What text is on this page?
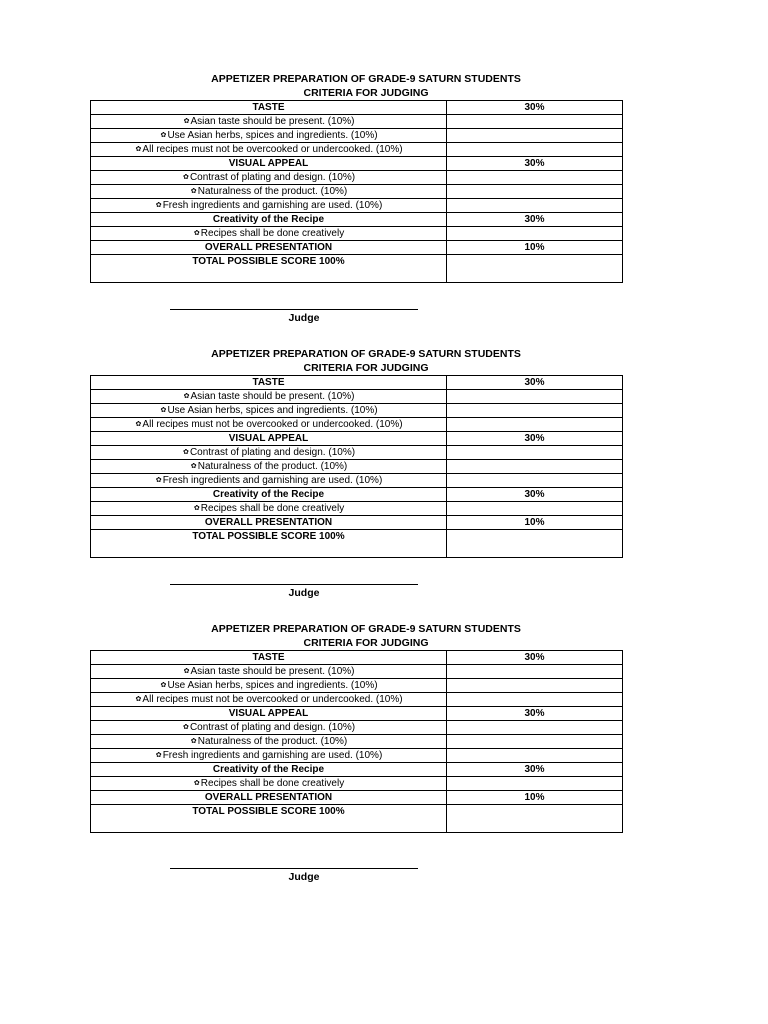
APPETIZER PREPARATION OF GRADE-9 SATURN STUDENTS
CRITERIA FOR JUDGING
TASTE	30%
✿Asian taste should be present. (10%)	
✿Use Asian herbs, spices and ingredients. (10%)	
✿All recipes must not be overcooked or undercooked. (10%)	
VISUAL APPEAL	30%
✿Contrast of plating and design. (10%)	
✿Naturalness of the product. (10%)	
✿Fresh ingredients and garnishing are used. (10%)	
Creativity of the Recipe	30%
✿Recipes shall be done creatively	
OVERALL PRESENTATION	10%
TOTAL POSSIBLE SCORE 100%	
Judge
APPETIZER PREPARATION OF GRADE-9 SATURN STUDENTS
CRITERIA FOR JUDGING
TASTE	30%
✿Asian taste should be present. (10%)	
✿Use Asian herbs, spices and ingredients. (10%)	
✿All recipes must not be overcooked or undercooked. (10%)	
VISUAL APPEAL	30%
✿Contrast of plating and design. (10%)	
✿Naturalness of the product. (10%)	
✿Fresh ingredients and garnishing are used. (10%)	
Creativity of the Recipe	30%
✿Recipes shall be done creatively	
OVERALL PRESENTATION	10%
TOTAL POSSIBLE SCORE 100%	
Judge
APPETIZER PREPARATION OF GRADE-9 SATURN STUDENTS
CRITERIA FOR JUDGING
TASTE	30%
✿Asian taste should be present. (10%)	
✿Use Asian herbs, spices and ingredients. (10%)	
✿All recipes must not be overcooked or undercooked. (10%)	
VISUAL APPEAL	30%
✿Contrast of plating and design. (10%)	
✿Naturalness of the product. (10%)	
✿Fresh ingredients and garnishing are used. (10%)	
Creativity of the Recipe	30%
✿Recipes shall be done creatively	
OVERALL PRESENTATION	10%
TOTAL POSSIBLE SCORE 100%	
Judge
